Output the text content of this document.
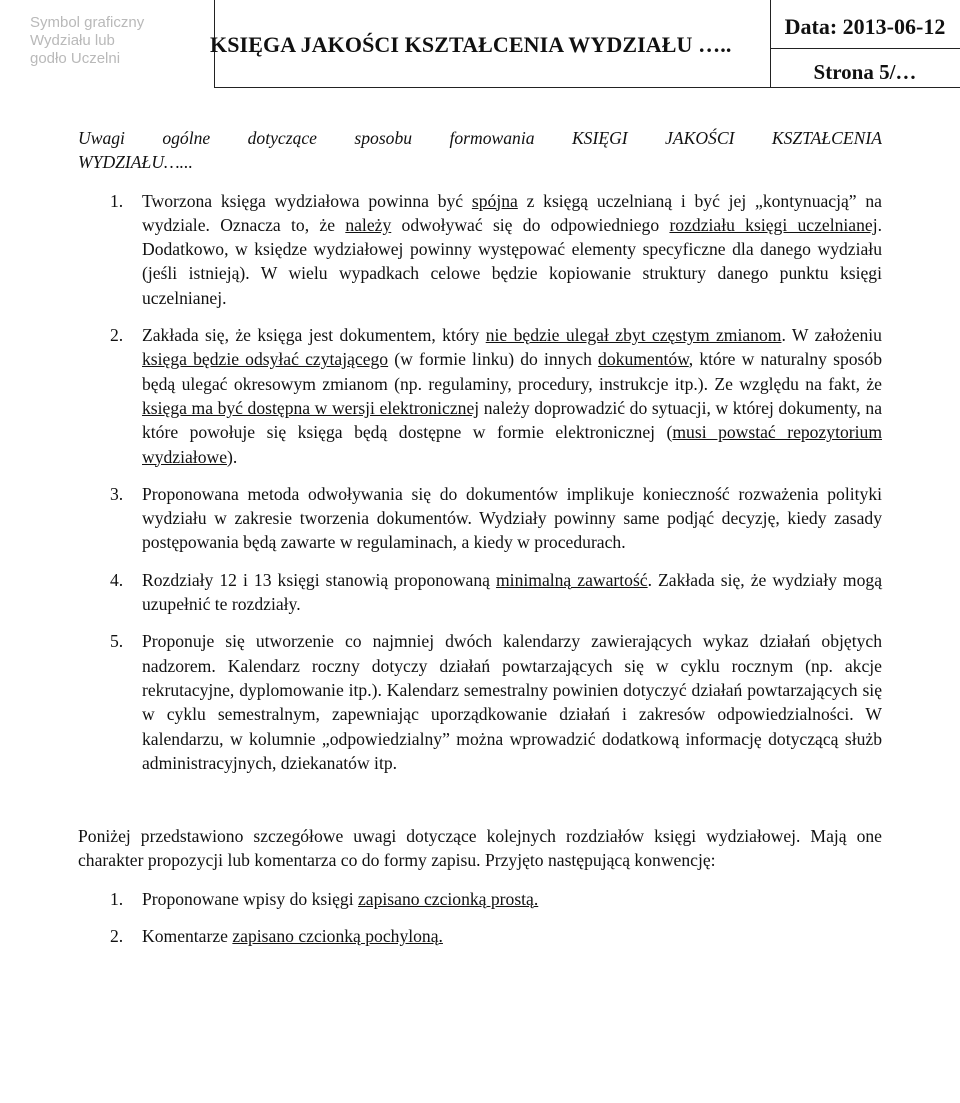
Symbol graficzny
Wydziału lub
godło Uczelni
KSIĘGA JAKOŚCI KSZTAŁCENIA WYDZIAŁU …..
Data: 2013-06-12
Strona 5/…
Uwagi ogólne dotyczące sposobu formowania KSIĘGI JAKOŚCI KSZTAŁCENIA
WYDZIAŁU…...
1. Tworzona księga wydziałowa powinna być spójna z księgą uczelnianą i być jej „kontynuacją” na wydziale. Oznacza to, że należy odwoływać się do odpowiedniego rozdziału księgi uczelnianej. Dodatkowo, w księdze wydziałowej powinny występować elementy specyficzne dla danego wydziału (jeśli istnieją). W wielu wypadkach celowe będzie kopiowanie struktury danego punktu księgi uczelnianej.
2. Zakłada się, że księga jest dokumentem, który nie będzie ulegał zbyt częstym zmianom. W założeniu księga będzie odsyłać czytającego (w formie linku) do innych dokumentów, które w naturalny sposób będą ulegać okresowym zmianom (np. regulaminy, procedury, instrukcje itp.). Ze względu na fakt, że księga ma być dostępna w wersji elektronicznej należy doprowadzić do sytuacji, w której dokumenty, na które powołuje się księga będą dostępne w formie elektronicznej (musi powstać repozytorium wydziałowe).
3. Proponowana metoda odwoływania się do dokumentów implikuje konieczność rozważenia polityki wydziału w zakresie tworzenia dokumentów. Wydziały powinny same podjąć decyzję, kiedy zasady postępowania będą zawarte w regulaminach, a kiedy w procedurach.
4. Rozdziały 12 i 13 księgi stanowią proponowaną minimalną zawartość. Zakłada się, że wydziały mogą uzupełnić te rozdziały.
5. Proponuje się utworzenie co najmniej dwóch kalendarzy zawierających wykaz działań objętych nadzorem. Kalendarz roczny dotyczy działań powtarzających się w cyklu rocznym (np. akcje rekrutacyjne, dyplomowanie itp.). Kalendarz semestralny powinien dotyczyć działań powtarzających się w cyklu semestralnym, zapewniając uporządkowanie działań i zakresów odpowiedzialności. W kalendarzu, w kolumnie „odpowiedzialny” można wprowadzić dodatkową informację dotyczącą służb administracyjnych, dziekanatów itp.

Poniżej przedstawiono szczegółowe uwagi dotyczące kolejnych rozdziałów księgi wydziałowej. Mają one charakter propozycji lub komentarza co do formy zapisu. Przyjęto następującą konwencję:

1. Proponowane wpisy do księgi zapisano czcionką prostą.
2. Komentarze zapisano czcionką pochyloną.
